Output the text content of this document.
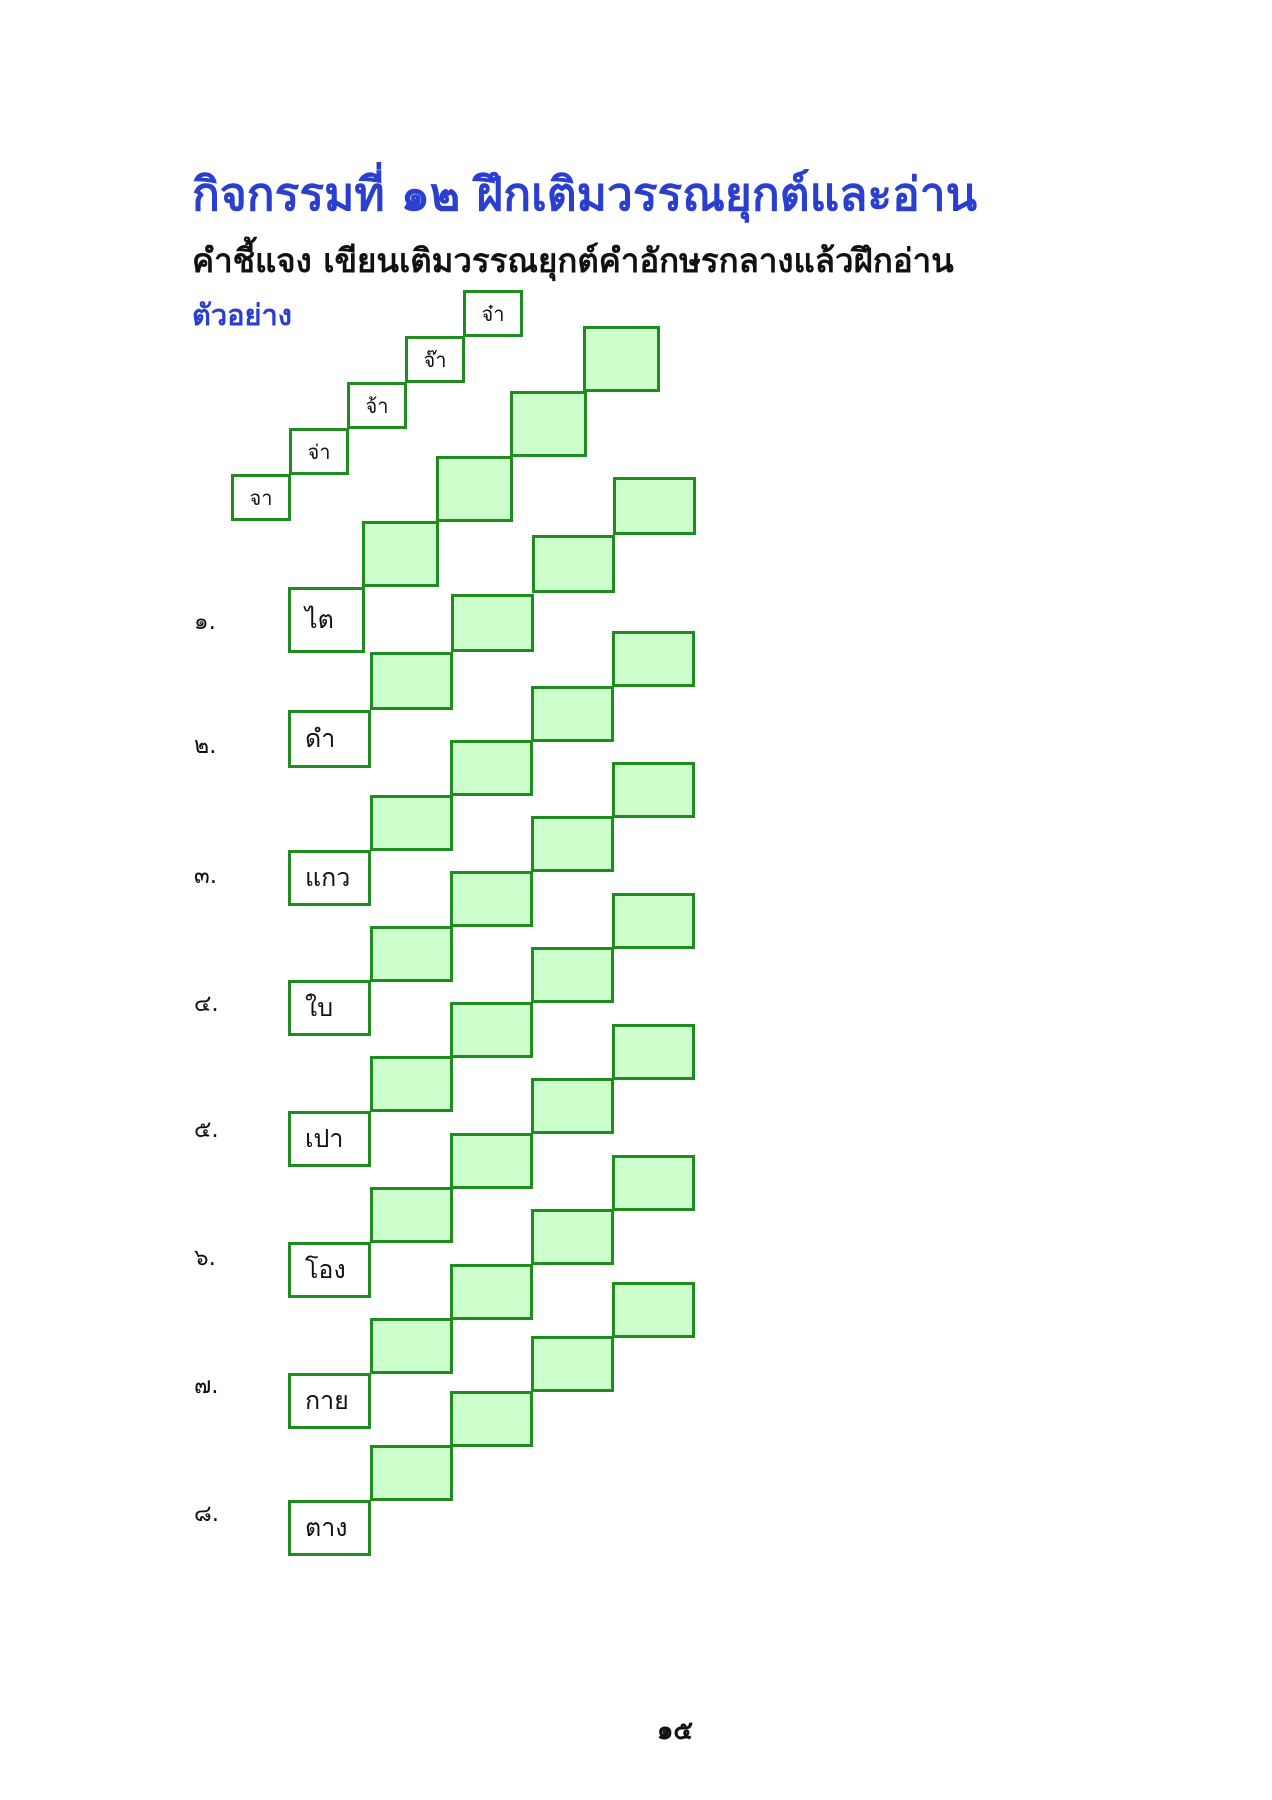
กิจกรรมที่ ๑๒ ฝึกเติมวรรณยุกต์และอ่าน
คำชี้แจง เขียนเติมวรรณยุกต์คำอักษรกลางแล้วฝึกอ่าน
ตัวอย่าง
จา
จ่า
จ้า
จ๊า
จ๋า
๑.	ไต
๒.	ดำ
๓.	แกว
๔.	ใบ
๕.	เปา
๖.	โอง
๗.	กาย
๘.	ตาง
๑๕
